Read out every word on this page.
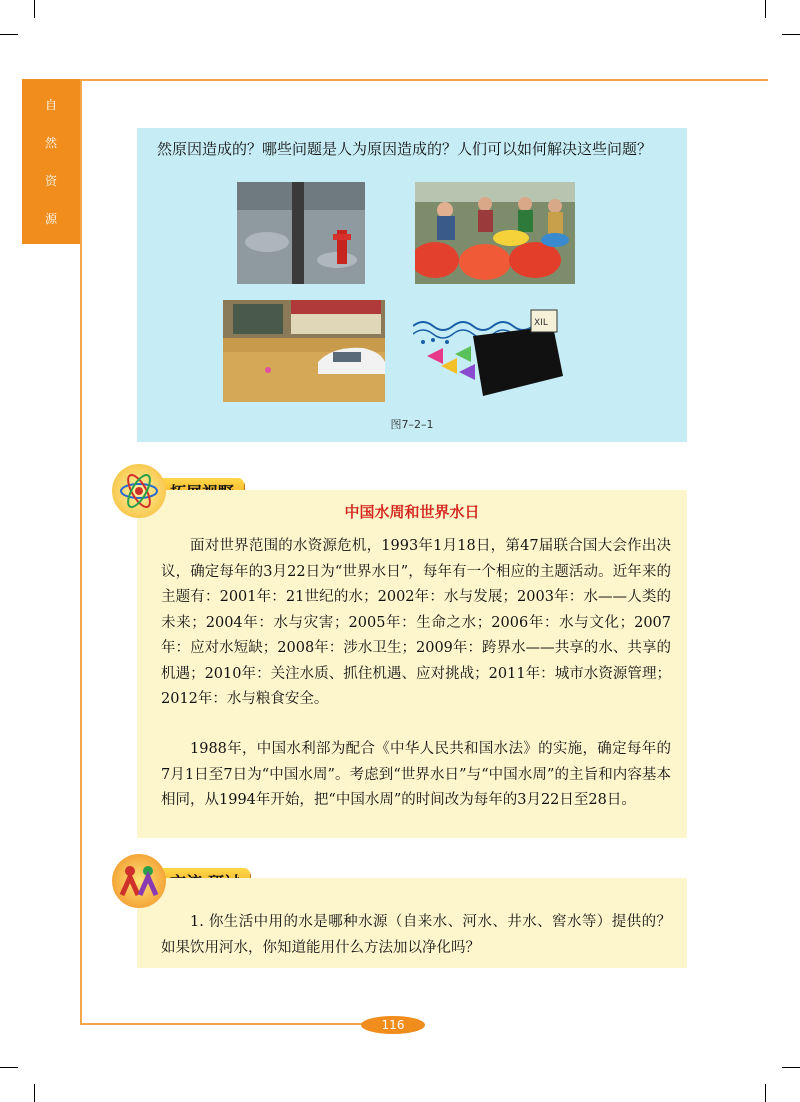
自
然
资
源
然原因造成的？哪些问题是人为原因造成的？人们可以如何解决这些问题？
XIL
图7–2–1
中国水周和世界水日

面对世界范围的水资源危机，1993年1月18日，第47届联合国大会作出决议，确定每年的3月22日为“世界水日”，每年有一个相应的主题活动。近年来的主题有：2001年：21世纪的水；2002年：水与发展；2003年：水——人类的未来；2004年：水与灾害；2005年：生命之水；2006年：水与文化；2007年：应对水短缺；2008年：涉水卫生；2009年：跨界水——共享的水、共享的机遇；2010年：关注水质、抓住机遇、应对挑战；2011年：城市水资源管理；2012年：水与粮食安全。

1988年，中国水利部为配合《中华人民共和国水法》的实施，确定每年的7月1日至7日为“中国水周”。考虑到“世界水日”与“中国水周”的主旨和内容基本相同，从1994年开始，把“中国水周”的时间改为每年的3月22日至28日。

1. 你生活中用的水是哪种水源（自来水、河水、井水、窖水等）提供的？如果饮用河水，你知道能用什么方法加以净化吗？

116
